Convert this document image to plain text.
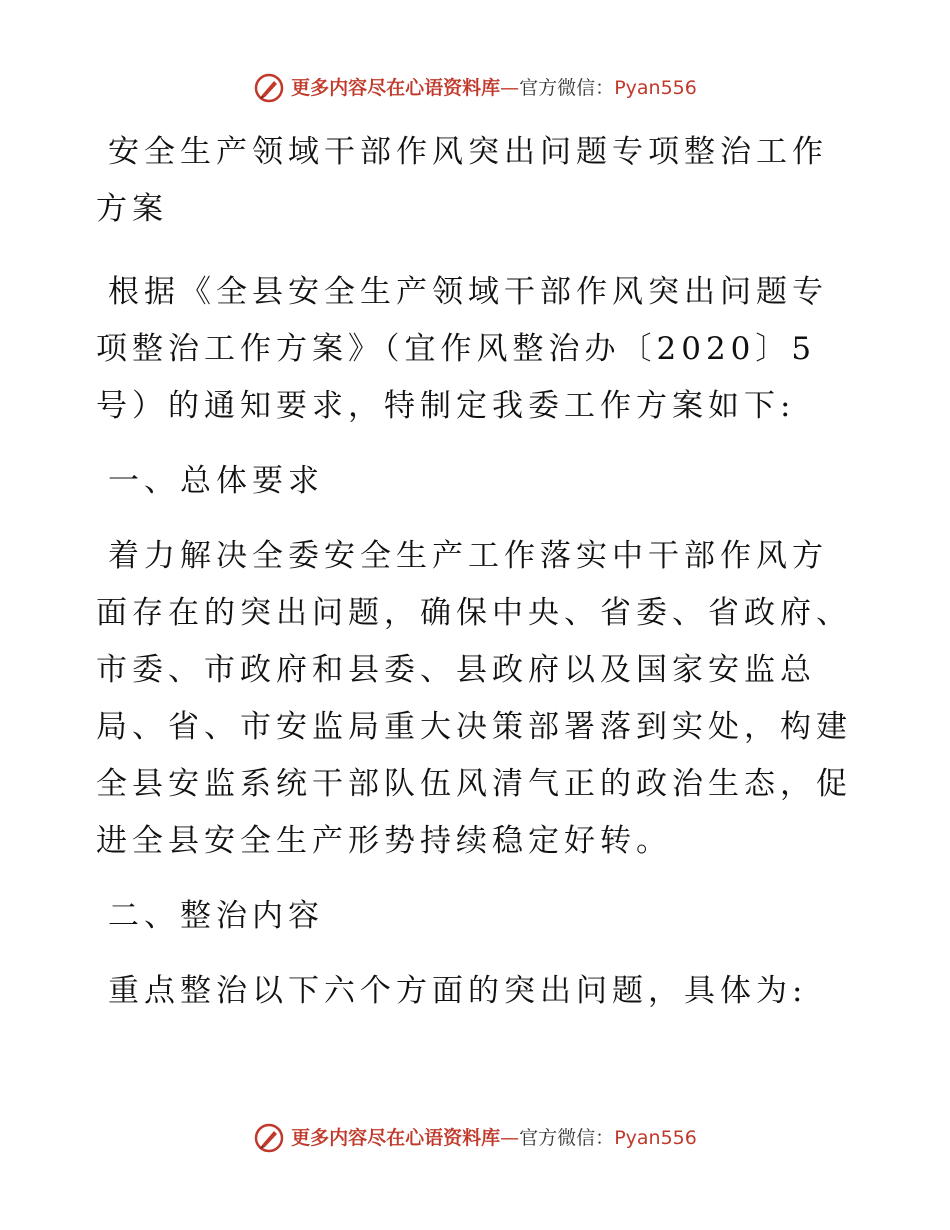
更多内容尽在心语资料库—官方微信：Pyan556

安全生产领域干部作风突出问题专项整治工作方案

根据《全县安全生产领域干部作风突出问题专项整治工作方案》（宜作风整治办〔2020〕5号）的通知要求，特制定我委工作方案如下:

一、总体要求

着力解决全委安全生产工作落实中干部作风方面存在的突出问题，确保中央、省委、省政府、市委、市政府和县委、县政府以及国家安监总局、省、市安监局重大决策部署落到实处，构建全县安监系统干部队伍风清气正的政治生态，促进全县安全生产形势持续稳定好转。

二、整治内容

重点整治以下六个方面的突出问题，具体为:

更多内容尽在心语资料库—官方微信：Pyan556
